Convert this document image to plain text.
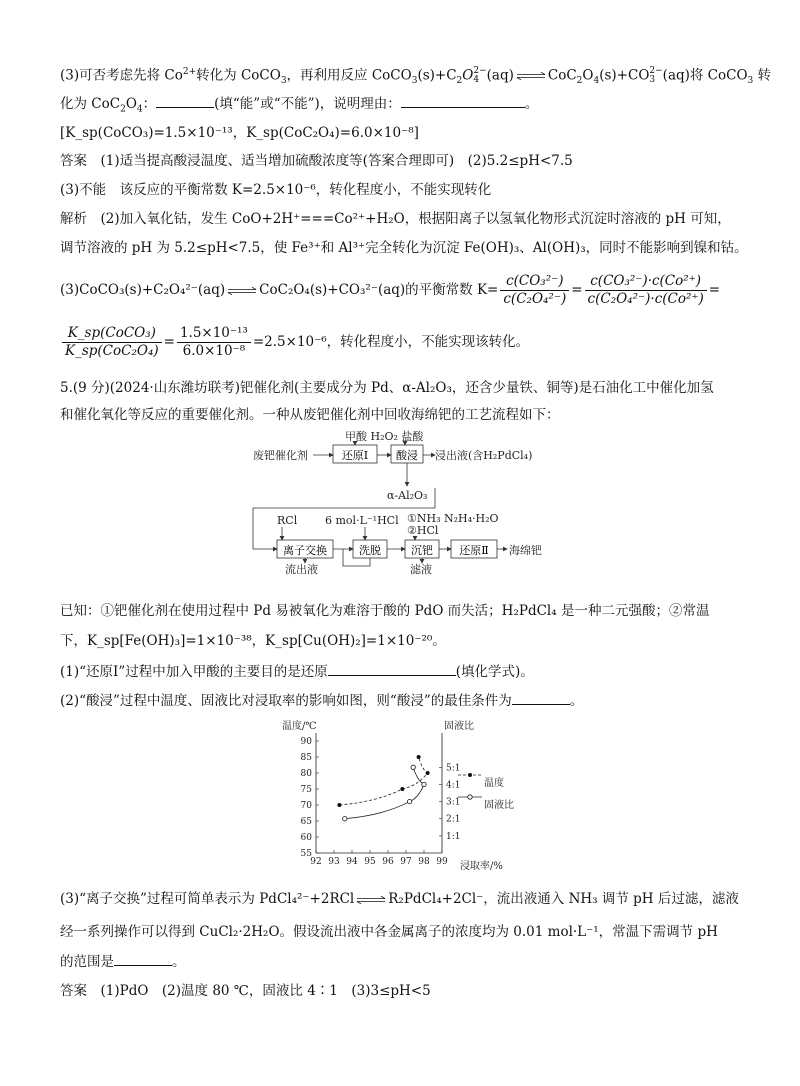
(3)可否考虑先将 $Co^{2+}$转化为 CoCO$_3$，再利用反应 $CoCO_3(s)+C_2O$ 2−
4 (aq) ⇌ $CoC_2O_4(s)+CO$ 2−
3 (aq)将 CoCO$_3$ 转
化为 $CoC_2O_4$：	(填“能”或“不能”)，说明理由：	。
[K_sp(CoCO₃)=1.5×10⁻¹³，K_sp(CoC₂O₄)=6.0×10⁻⁸]
答案　 (1)适当提高酸浸温度、适当增加硫酸浓度等(答案合理即可)　(2)5.2≤pH<7.5
(3)不能　该反应的平衡常数 K=2.5×10⁻⁶，转化程度小，不能实现转化
解析　 (2)加入氧化钴，发生 CoO+2H⁺===Co²⁺+H₂O，根据阳离子以氢氧化物形式沉淀时溶液的 pH 可知，
调节溶液的 pH 为 5.2≤pH<7.5，使 Fe³⁺和 Al³⁺完全转化为沉淀 Fe(OH)₃、Al(OH)₃，同时不能影响到镍和钴。
(3)CoCO₃(s)+C₂O₄²⁻(aq) ⇌ CoC₂O₄(s)+CO₃²⁻(aq)的平衡常数 $K= \frac{\text{c(CO₃²⁻)}}{\text{c(C₂O₄²⁻)}} = \frac{\text{c(CO₃²⁻)·c(Co²⁺)}}{\text{c(C₂O₄²⁻)·c(Co²⁺)}}$ =
$\frac{\text{K\_sp(CoCO₃)}}{\text{K\_sp(CoC₂O₄)}} = \frac{\text{1.5×10⁻¹³}}{\text{6.0×10⁻⁸}} =2.5\times 10^{-6}$，转化程度小，不能实现该转化。
5.(9 分)(2024·山东潍坊联考)钯催化剂(主要成分为 Pd、α-Al₂O₃，还含少量铁、铜等)是石油化工中催化加氢
和催化氧化等反应的重要催化剂。一种从废钯催化剂中回收海绵钯的工艺流程如下：
甲酸 H₂O₂ 盐酸
废钯催化剂	浸出液(含H₂PdCl₄)
α-Al₂O₃
RCl	6 mol·L⁻¹HCl ①NH₃ N₂H₄·H₂O
②HCl
海绵钯
流出液	滤液
还原Ⅰ	酸浸
离子交换	洗脱	沉钯 还原Ⅱ
已知：①钯催化剂在使用过程中 Pd 易被氧化为难溶于酸的 PdO 而失活；H₂PdCl₄ 是一种二元强酸；②常温
下，K_sp[Fe(OH)₃]=1×10⁻³⁸，K_sp[Cu(OH)₂]=1×10⁻²⁰。
(1)“还原Ⅰ”过程中加入甲酸的主要目的是还原	(填化学式)。
(2)“酸浸”过程中温度、固液比对浸取率的影响如图，则“酸浸”的最佳条件为	。
温度/℃	固液比
浸取率/%
温度
固液比
92 93 94 95 96 97 98 99
55
60
65
70
75
80
85
90
1:1
2:1
3:1
4:1
5:1
(3)“离子交换”过程可简单表示为 PdCl₄²⁻+2RCl ⇌ R₂PdCl₄+2Cl⁻，流出液通入 NH₃ 调节 pH 后过滤，滤液
经一系列操作可以得到 CuCl₂·2H₂O。假设流出液中各金属离子的浓度均为 0.01 mol·L⁻¹，常温下需调节 pH
的范围是	。
答案　 (1)PdO　(2)温度 80 ℃，固液比 4∶1　(3)3≤pH<5
